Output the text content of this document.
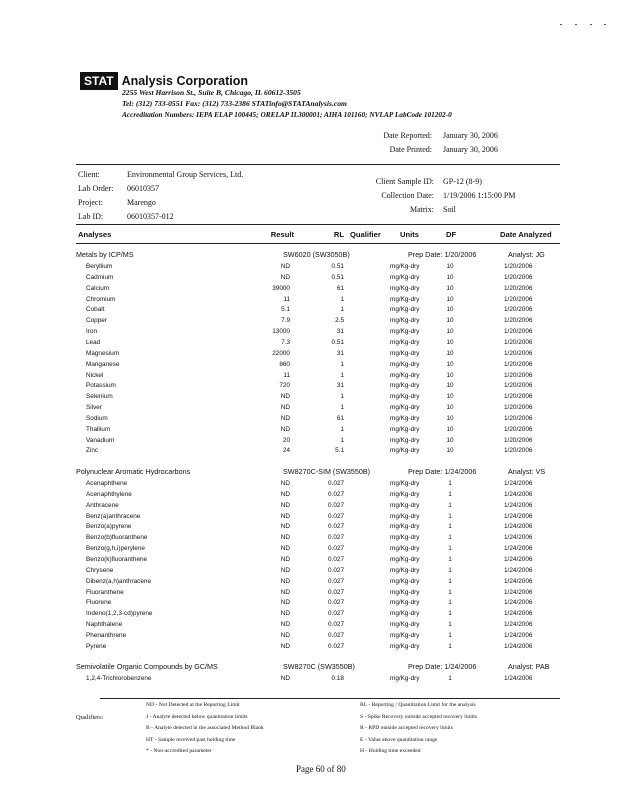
STAT Analysis Corporation
2255 West Harrison St., Suite B, Chicago, IL 60612-3505
Tel: (312) 733-0551 Fax: (312) 733-2386 STATinfo@STATAnalysis.com
Accreditation Numbers: IEPA ELAP 100445; ORELAP IL300001; AIHA 101160; NVLAP LabCode 101202-0
Date Reported: January 30, 2006
Date Printed: January 30, 2006
Client:	Environmental Group Services, Ltd.
Lab Order: 06010357
Project:	Marengo
Lab ID:	06010357-012
Client Sample ID: GP-12 (8-9)
Collection Date: 1/19/2006 1:15:00 PM
Matrix: Soil
Analyses	Result	RL Qualifier	Units	DF	Date Analyzed
Metals by ICP/MS	SW6020 (SW3050B)	Prep Date: 1/20/2006	Analyst: JG
Beryllium	ND	0.51	mg/Kg-dry	10	1/20/2006
Cadmium	ND	0.51	mg/Kg-dry	10	1/20/2006
Calcium	39000	61	mg/Kg-dry	10	1/20/2006
Chromium	11	1	mg/Kg-dry	10	1/20/2006
Cobalt	5.1	1	mg/Kg-dry	10	1/20/2006
Copper	7.9	2.5	mg/Kg-dry	10	1/20/2006
Iron	13000	31	mg/Kg-dry	10	1/20/2006
Lead	7.3	0.51	mg/Kg-dry	10	1/20/2006
Magnesium	22000	31	mg/Kg-dry	10	1/20/2006
Manganese	860	1	mg/Kg-dry	10	1/20/2006
Nickel	11	1	mg/Kg-dry	10	1/20/2006
Potassium	720	31	mg/Kg-dry	10	1/20/2006
Selenium	ND	1	mg/Kg-dry	10	1/20/2006
Silver	ND	1	mg/Kg-dry	10	1/20/2006
Sodium	ND	61	mg/Kg-dry	10	1/20/2006
Thallium	ND	1	mg/Kg-dry	10	1/20/2006
Vanadium	20	1	mg/Kg-dry	10	1/20/2006
Zinc	24	5.1	mg/Kg-dry	10	1/20/2006
Polynuclear Aromatic Hydrocarbons	SW8270C-SIM (SW3550B)	Prep Date: 1/24/2006	Analyst: VS
Acenaphthene	ND	0.027	mg/Kg-dry	1	1/24/2006
Acenaphthylene	ND	0.027	mg/Kg-dry	1	1/24/2006
Anthracene	ND	0.027	mg/Kg-dry	1	1/24/2006
Benz(a)anthracene	ND	0.027	mg/Kg-dry	1	1/24/2006
Benzo(a)pyrene	ND	0.027	mg/Kg-dry	1	1/24/2006
Benzo(b)fluoranthene	ND	0.027	mg/Kg-dry	1	1/24/2006
Benzo(g,h,i)perylene	ND	0.027	mg/Kg-dry	1	1/24/2006
Benzo(k)fluoranthene	ND	0.027	mg/Kg-dry	1	1/24/2006
Chrysene	ND	0.027	mg/Kg-dry	1	1/24/2006
Dibenz(a,h)anthracene	ND	0.027	mg/Kg-dry	1	1/24/2006
Fluoranthene	ND	0.027	mg/Kg-dry	1	1/24/2006
Fluorene	ND	0.027	mg/Kg-dry	1	1/24/2006
Indeno(1,2,3-cd)pyrene	ND	0.027	mg/Kg-dry	1	1/24/2006
Naphthalene	ND	0.027	mg/Kg-dry	1	1/24/2006
Phenanthrene	ND	0.027	mg/Kg-dry	1	1/24/2006
Pyrene	ND	0.027	mg/Kg-dry	1	1/24/2006
Semivolatile Organic Compounds by GC/MS	SW8270C (SW3550B)	Prep Date: 1/24/2006	Analyst: PAB
1,2,4-Trichlorobenzene	ND	0.18	mg/Kg-dry	1	1/24/2006
Qualifiers:
ND - Not Detected at the Reporting Limit
J - Analyte detected below quantitation limits
B - Analyte detected in the associated Method Blank
HT - Sample received past holding time
* - Non-accredited parameter
RL - Reporting / Quantitation Limit for the analysis
S - Spike Recovery outside accepted recovery limits
R - RPD outside accepted recovery limits
E - Value above quantitation range
H - Holding time exceeded
Page 60 of 80
